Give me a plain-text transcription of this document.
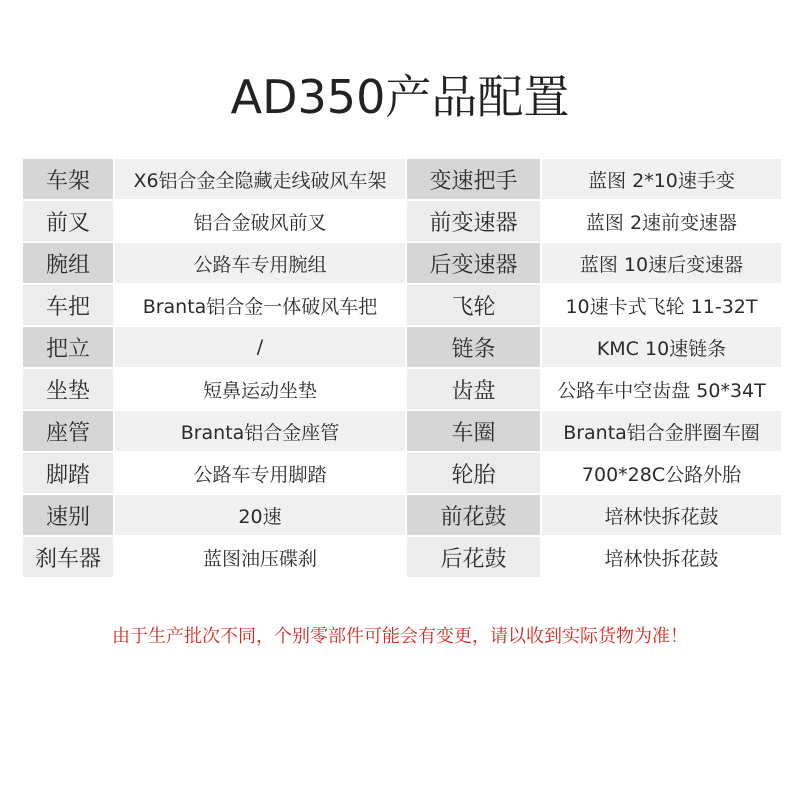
AD350产品配置
车架	X6铝合金全隐藏走线破风车架	变速把手	蓝图 2*10速手变
前叉	铝合金破风前叉	前变速器	蓝图 2速前变速器
腕组	公路车专用腕组	后变速器	蓝图 10速后变速器
车把	Branta铝合金一体破风车把	飞轮	10速卡式飞轮 11-32T
把立	/	链条	KMC 10速链条
坐垫	短鼻运动坐垫	齿盘	公路车中空齿盘 50*34T
座管	Branta铝合金座管	车圈	Branta铝合金胖圈车圈
脚踏	公路车专用脚踏	轮胎	700*28C公路外胎
速别	20速	前花鼓	培林快拆花鼓
刹车器	蓝图油压碟刹	后花鼓	培林快拆花鼓
由于生产批次不同，个别零部件可能会有变更，请以收到实际货物为准！
